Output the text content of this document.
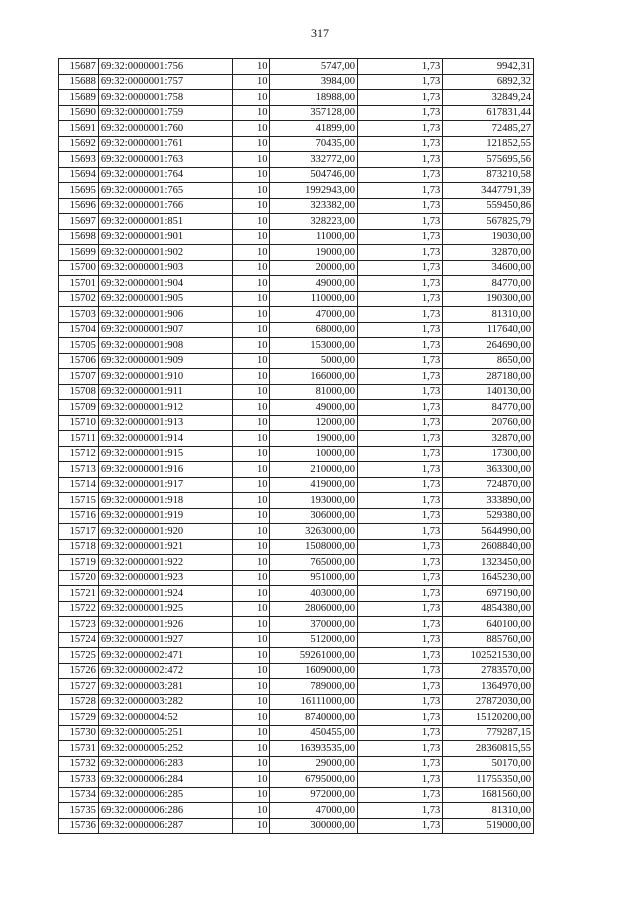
317
15687	69:32:0000001:756	10	5747,00	1,73	9942,31
15688	69:32:0000001:757	10	3984,00	1,73	6892,32
15689	69:32:0000001:758	10	18988,00	1,73	32849,24
15690	69:32:0000001:759	10	357128,00	1,73	617831,44
15691	69:32:0000001:760	10	41899,00	1,73	72485,27
15692	69:32:0000001:761	10	70435,00	1,73	121852,55
15693	69:32:0000001:763	10	332772,00	1,73	575695,56
15694	69:32:0000001:764	10	504746,00	1,73	873210,58
15695	69:32:0000001:765	10	1992943,00	1,73	3447791,39
15696	69:32:0000001:766	10	323382,00	1,73	559450,86
15697	69:32:0000001:851	10	328223,00	1,73	567825,79
15698	69:32:0000001:901	10	11000,00	1,73	19030,00
15699	69:32:0000001:902	10	19000,00	1,73	32870,00
15700	69:32:0000001:903	10	20000,00	1,73	34600,00
15701	69:32:0000001:904	10	49000,00	1,73	84770,00
15702	69:32:0000001:905	10	110000,00	1,73	190300,00
15703	69:32:0000001:906	10	47000,00	1,73	81310,00
15704	69:32:0000001:907	10	68000,00	1,73	117640,00
15705	69:32:0000001:908	10	153000,00	1,73	264690,00
15706	69:32:0000001:909	10	5000,00	1,73	8650,00
15707	69:32:0000001:910	10	166000,00	1,73	287180,00
15708	69:32:0000001:911	10	81000,00	1,73	140130,00
15709	69:32:0000001:912	10	49000,00	1,73	84770,00
15710	69:32:0000001:913	10	12000,00	1,73	20760,00
15711	69:32:0000001:914	10	19000,00	1,73	32870,00
15712	69:32:0000001:915	10	10000,00	1,73	17300,00
15713	69:32:0000001:916	10	210000,00	1,73	363300,00
15714	69:32:0000001:917	10	419000,00	1,73	724870,00
15715	69:32:0000001:918	10	193000,00	1,73	333890,00
15716	69:32:0000001:919	10	306000,00	1,73	529380,00
15717	69:32:0000001:920	10	3263000,00	1,73	5644990,00
15718	69:32:0000001:921	10	1508000,00	1,73	2608840,00
15719	69:32:0000001:922	10	765000,00	1,73	1323450,00
15720	69:32:0000001:923	10	951000,00	1,73	1645230,00
15721	69:32:0000001:924	10	403000,00	1,73	697190,00
15722	69:32:0000001:925	10	2806000,00	1,73	4854380,00
15723	69:32:0000001:926	10	370000,00	1,73	640100,00
15724	69:32:0000001:927	10	512000,00	1,73	885760,00
15725	69:32:0000002:471	10	59261000,00	1,73	102521530,00
15726	69:32:0000002:472	10	1609000,00	1,73	2783570,00
15727	69:32:0000003:281	10	789000,00	1,73	1364970,00
15728	69:32:0000003:282	10	16111000,00	1,73	27872030,00
15729	69:32:0000004:52	10	8740000,00	1,73	15120200,00
15730	69:32:0000005:251	10	450455,00	1,73	779287,15
15731	69:32:0000005:252	10	16393535,00	1,73	28360815,55
15732	69:32:0000006:283	10	29000,00	1,73	50170,00
15733	69:32:0000006:284	10	6795000,00	1,73	11755350,00
15734	69:32:0000006:285	10	972000,00	1,73	1681560,00
15735	69:32:0000006:286	10	47000,00	1,73	81310,00
15736	69:32:0000006:287	10	300000,00	1,73	519000,00
